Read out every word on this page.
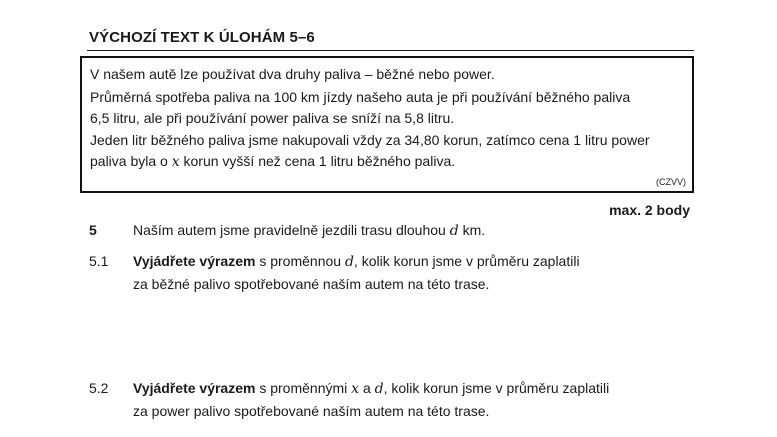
VÝCHOZÍ TEXT K ÚLOHÁM 5–6

V našem autě lze používat dva druhy paliva – běžné nebo power.

Průměrná spotřeba paliva na 100 km jízdy našeho auta je při používání běžného paliva

6,5 litru, ale při používání power paliva se sníží na 5,8 litru.

Jeden litr běžného paliva jsme nakupovali vždy za 34,80 korun, zatímco cena 1 litru power

paliva byla o x korun vyšší než cena 1 litru běžného paliva.

(CZVV)
max. 2 body
5	Naším autem jsme pravidelně jezdili trasu dlouhou d km.
5.1 Vyjádřete výrazem s proměnnou d, kolik korun jsme v průměru zaplatili
za běžné palivo spotřebované naším autem na této trase.
5.2 Vyjádřete výrazem s proměnnými x a d, kolik korun jsme v průměru zaplatili
za power palivo spotřebované naším autem na této trase.
